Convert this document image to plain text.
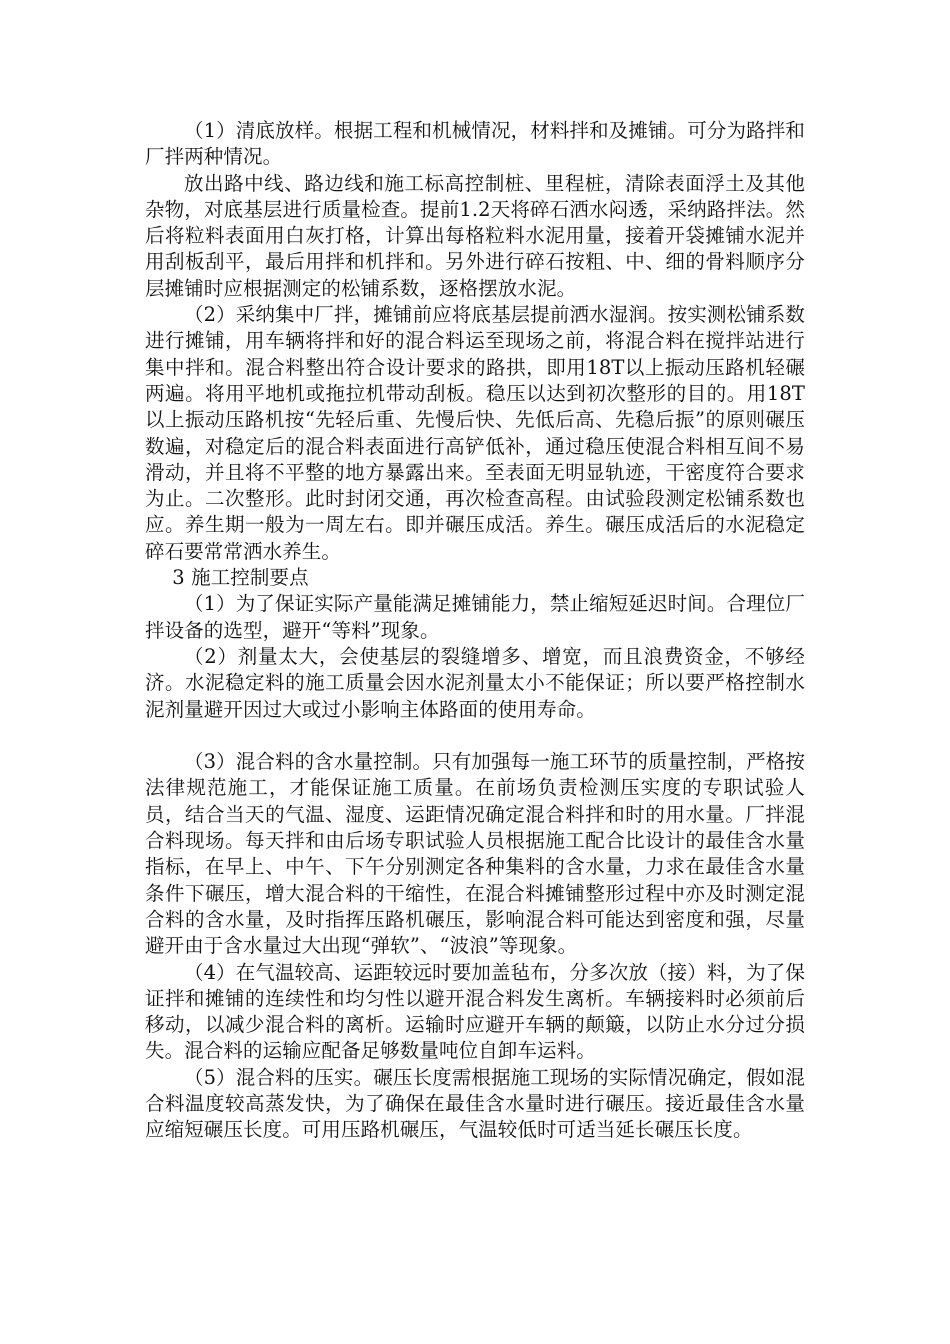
（1）清底放样。根据工程和机械情况，材料拌和及摊铺。可分为路拌和厂拌两种情况。

放出路中线、路边线和施工标高控制桩、里程桩，清除表面浮土及其他杂物，对底基层进行质量检查。提前1.2天将碎石洒水闷透，采纳路拌法。然后将粒料表面用白灰打格，计算出每格粒料水泥用量，接着开袋摊铺水泥并用刮板刮平，最后用拌和机拌和。另外进行碎石按粗、中、细的骨料顺序分层摊铺时应根据测定的松铺系数，逐格摆放水泥。

（2）采纳集中厂拌，摊铺前应将底基层提前洒水湿润。按实测松铺系数进行摊铺，用车辆将拌和好的混合料运至现场之前，将混合料在搅拌站进行集中拌和。混合料整出符合设计要求的路拱，即用18T以上振动压路机轻碾两遍。将用平地机或拖拉机带动刮板。稳压以达到初次整形的目的。用18T以上振动压路机按“先轻后重、先慢后快、先低后高、先稳后振”的原则碾压数遍，对稳定后的混合料表面进行高铲低补，通过稳压使混合料相互间不易滑动，并且将不平整的地方暴露出来。至表面无明显轨迹，干密度符合要求为止。二次整形。此时封闭交通，再次检查高程。由试验段测定松铺系数也应。养生期一般为一周左右。即并碾压成活。养生。碾压成活后的水泥稳定碎石要常常洒水养生。

3 施工控制要点

（1）为了保证实际产量能满足摊铺能力，禁止缩短延迟时间。合理位厂拌设备的选型，避开“等料”现象。

（2）剂量太大，会使基层的裂缝增多、增宽，而且浪费资金，不够经济。水泥稳定料的施工质量会因水泥剂量太小不能保证；所以要严格控制水泥剂量避开因过大或过小影响主体路面的使用寿命。

（3）混合料的含水量控制。只有加强每一施工环节的质量控制，严格按法律规范施工，才能保证施工质量。在前场负责检测压实度的专职试验人员，结合当天的气温、湿度、运距情况确定混合料拌和时的用水量。厂拌混合料现场。每天拌和由后场专职试验人员根据施工配合比设计的最佳含水量指标，在早上、中午、下午分别测定各种集料的含水量，力求在最佳含水量条件下碾压，增大混合料的干缩性，在混合料摊铺整形过程中亦及时测定混合料的含水量，及时指挥压路机碾压，影响混合料可能达到密度和强，尽量避开由于含水量过大出现“弹软”、“波浪”等现象。

（4）在气温较高、运距较远时要加盖毡布，分多次放（接）料，为了保证拌和摊铺的连续性和均匀性以避开混合料发生离析。车辆接料时必须前后移动，以减少混合料的离析。运输时应避开车辆的颠簸，以防止水分过分损失。混合料的运输应配备足够数量吨位自卸车运料。

（5）混合料的压实。碾压长度需根据施工现场的实际情况确定，假如混合料温度较高蒸发快，为了确保在最佳含水量时进行碾压。接近最佳含水量应缩短碾压长度。可用压路机碾压，气温较低时可适当延长碾压长度。
